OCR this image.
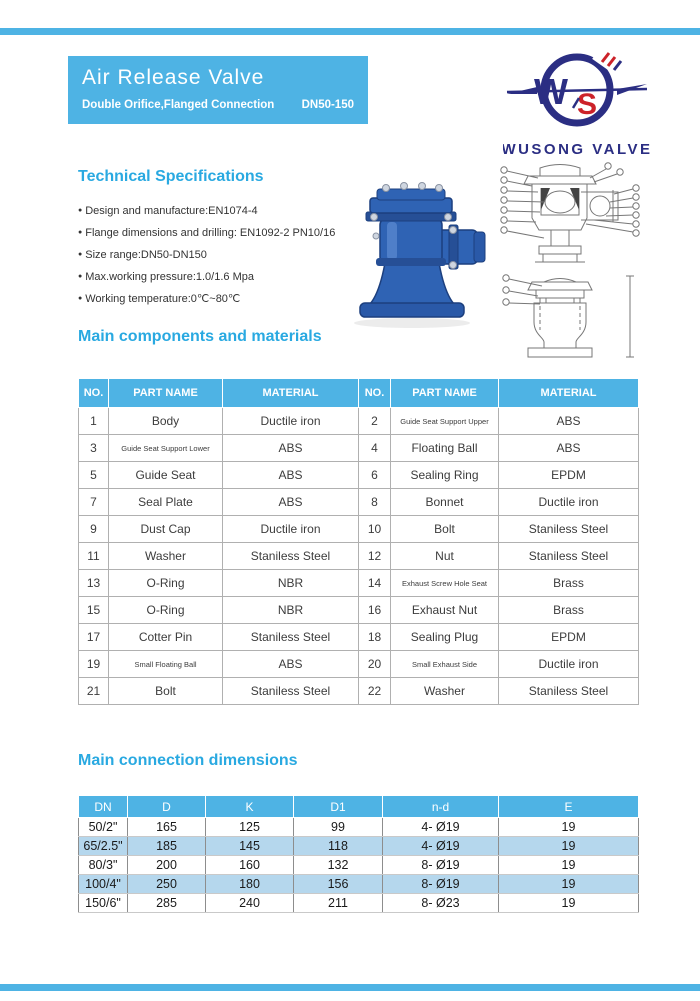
Air Release Valve
Double Orifice,Flanged Connection DN50-150	W S
WUSONG VALVE
Technical Specifications
● Design and manufacture:EN1074-4
● Flange dimensions and drilling: EN1092-2 PN10/16
● Size range:DN50-DN150
● Max.working pressure:1.0/1.6 Mpa
● Working temperature:0℃~80℃
Main components and materials
NO.	PART NAME	MATERIAL	NO.	PART NAME	MATERIAL
1	Body	Ductile iron	2	Guide Seat Support Upper	ABS
3	Guide Seat Support Lower	ABS	4	Floating Ball	ABS
5	Guide Seat	ABS	6	Sealing Ring	EPDM
7	Seal Plate	ABS	8	Bonnet	Ductile iron
9	Dust Cap	Ductile iron	10	Bolt	Staniless Steel
11	Washer	Staniless Steel	12	Nut	Staniless Steel
13	O-Ring	NBR	14	Exhaust Screw Hole Seat	Brass
15	O-Ring	NBR	16	Exhaust Nut	Brass
17	Cotter Pin	Staniless Steel	18	Sealing Plug	EPDM
19	Small Floating Ball	ABS	20	Small Exhaust Side	Ductile iron
21	Bolt	Staniless Steel	22	Washer	Staniless Steel
Main connection dimensions
DN	D	K	D1	n-d	E
50/2"	165	125	99	4- Ø19	19
65/2.5"	185	145	118	4- Ø19	19
80/3"	200	160	132	8- Ø19	19
100/4"	250	180	156	8- Ø19	19
150/6"	285	240	211	8- Ø23	19
